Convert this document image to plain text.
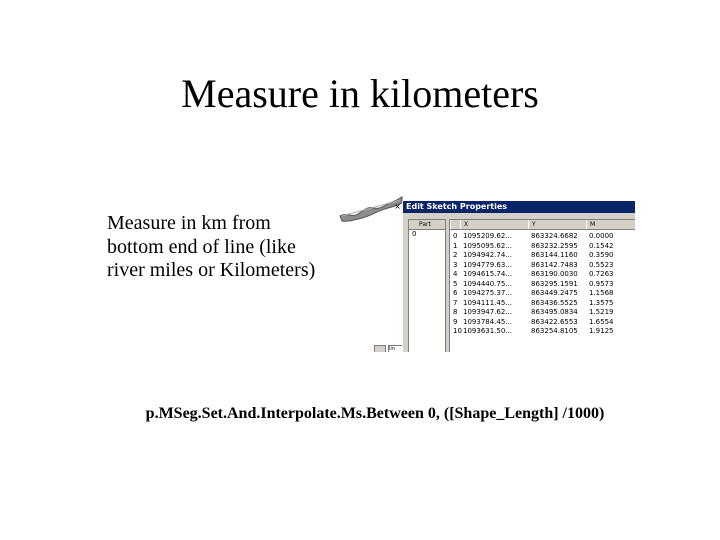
Measure in kilometers
Measure in km from bottom end of line (like river miles or Kilometers)
lin
× Edit Sketch Properties
Part
0
X	Y	M
0 1095209.62...	863324.6682	0.0000
1 1095095.62...	863232.2595	0.1542
2 1094942.74...	863144.1160	0.3590
3 1094779.63...	863142.7483	0.5523
4 1094615.74...	863190.0030	0.7263
5 1094440.75...	863295.1591	0.9573
6 1094275.37...	863449.2475	1.1568
7 1094111.45...	863436.5525	1.3575
8 1093947.62...	863495.0834	1.5219
9 1093784.45...	863422.6553	1.6554
10 1093631.50...	863254.8105	1.9125
p.MSeg.Set.And.Interpolate.Ms.Between 0, ([Shape_Length] /1000)
